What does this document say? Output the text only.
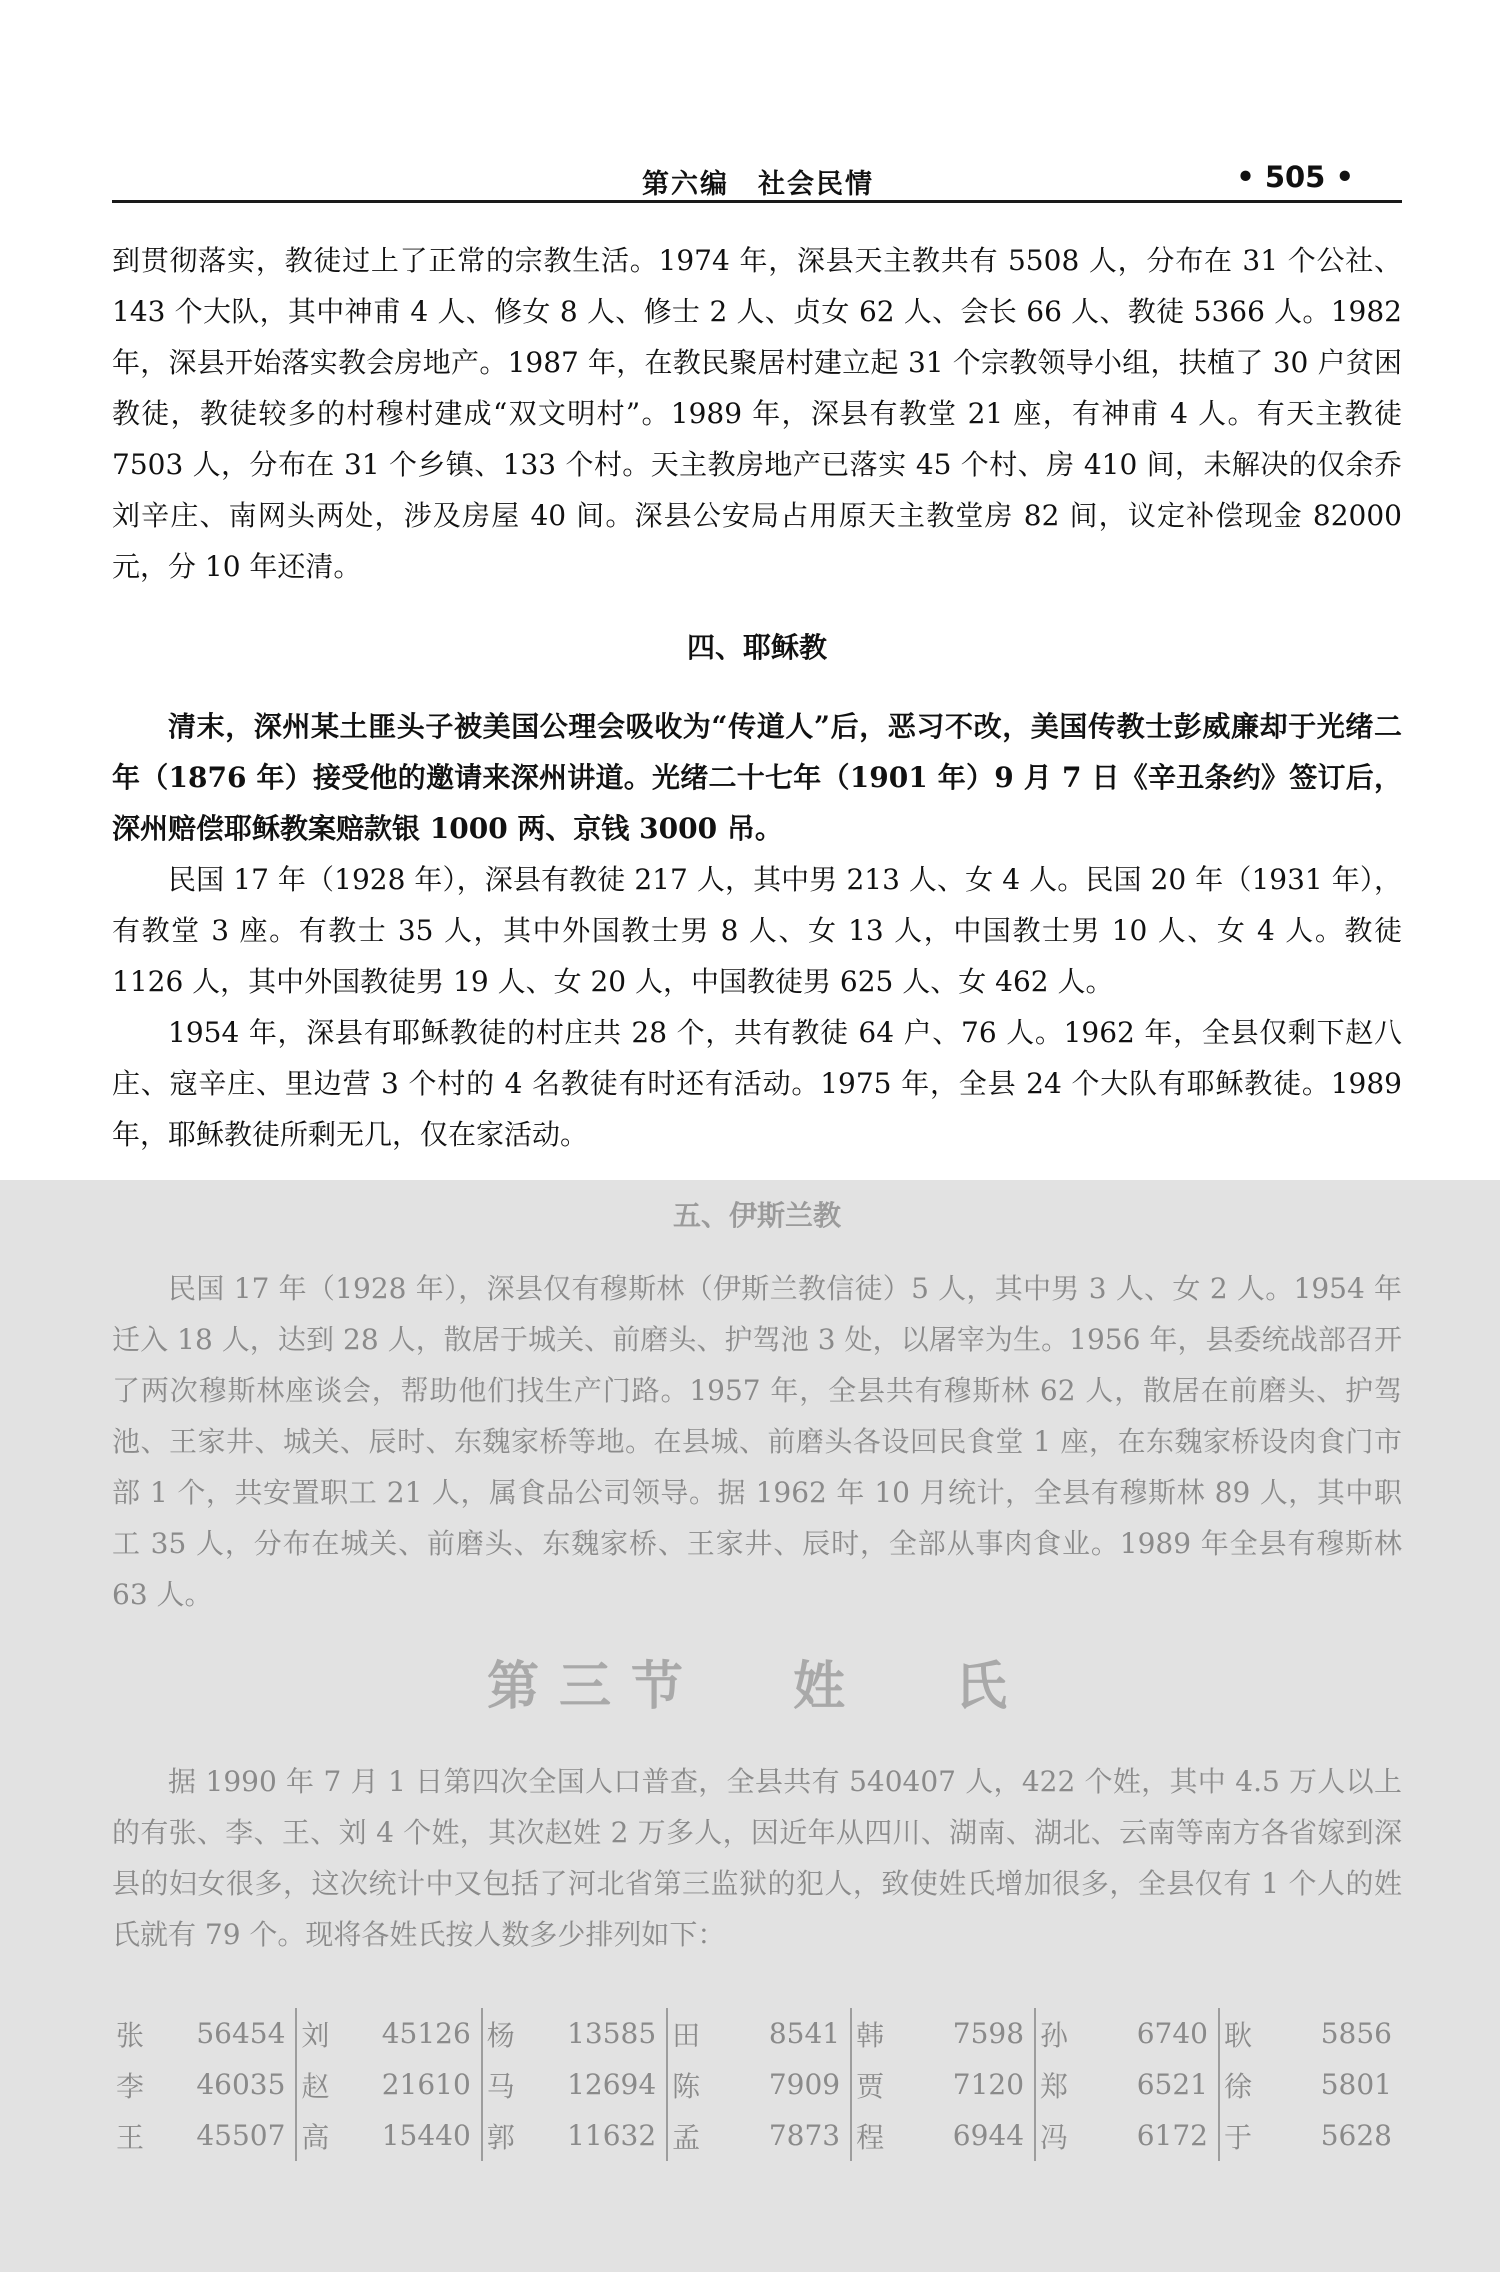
第六编　社会民情	• 505 •

到贯彻落实，教徒过上了正常的宗教生活。1974 年，深县天主教共有 5508 人，分布在 31 个公社、143 个大队，其中神甫 4 人、修女 8 人、修士 2 人、贞女 62 人、会长 66 人、教徒 5366 人。1982 年，深县开始落实教会房地产。1987 年，在教民聚居村建立起 31 个宗教领导小组，扶植了 30 户贫困教徒，教徒较多的村穆村建成“双文明村”。1989 年，深县有教堂 21 座，有神甫 4 人。有天主教徒 7503 人，分布在 31 个乡镇、133 个村。天主教房地产已落实 45 个村、房 410 间，未解决的仅余乔刘辛庄、南网头两处，涉及房屋 40 间。深县公安局占用原天主教堂房 82 间，议定补偿现金 82000 元，分 10 年还清。

四、耶稣教

清末，深州某土匪头子被美国公理会吸收为“传道人”后，恶习不改，美国传教士彭威廉却于光绪二年（1876 年）接受他的邀请来深州讲道。光绪二十七年（1901 年）9 月 7 日《辛丑条约》签订后，深州赔偿耶稣教案赔款银 1000 两、京钱 3000 吊。

民国 17 年（1928 年），深县有教徒 217 人，其中男 213 人、女 4 人。民国 20 年（1931 年），有教堂 3 座。有教士 35 人，其中外国教士男 8 人、女 13 人，中国教士男 10 人、女 4 人。教徒 1126 人，其中外国教徒男 19 人、女 20 人，中国教徒男 625 人、女 462 人。

1954 年，深县有耶稣教徒的村庄共 28 个，共有教徒 64 户、76 人。1962 年，全县仅剩下赵八庄、寇辛庄、里边营 3 个村的 4 名教徒有时还有活动。1975 年，全县 24 个大队有耶稣教徒。1989 年，耶稣教徒所剩无几，仅在家活动。

五、伊斯兰教

民国 17 年（1928 年），深县仅有穆斯林（伊斯兰教信徒）5 人，其中男 3 人、女 2 人。1954 年迁入 18 人，达到 28 人，散居于城关、前磨头、护驾池 3 处，以屠宰为生。1956 年，县委统战部召开了两次穆斯林座谈会，帮助他们找生产门路。1957 年，全县共有穆斯林 62 人，散居在前磨头、护驾池、王家井、城关、辰时、东魏家桥等地。在县城、前磨头各设回民食堂 1 座，在东魏家桥设肉食门市部 1 个，共安置职工 21 人，属食品公司领导。据 1962 年 10 月统计，全县有穆斯林 89 人，其中职工 35 人，分布在城关、前磨头、东魏家桥、王家井、辰时，全部从事肉食业。1989 年全县有穆斯林 63 人。

第三节 姓 氏

据 1990 年 7 月 1 日第四次全国人口普查，全县共有 540407 人，422 个姓，其中 4.5 万人以上的有张、李、王、刘 4 个姓，其次赵姓 2 万多人，因近年从四川、湖南、湖北、云南等南方各省嫁到深县的妇女很多，这次统计中又包括了河北省第三监狱的犯人，致使姓氏增加很多，全县仅有 1 个人的姓氏就有 79 个。现将各姓氏按人数多少排列如下：

张	56454	刘	45126	杨	13585	田	8541	韩	7598	孙	6740	耿	5856
李	46035	赵	21610	马	12694	陈	7909	贾	7120	郑	6521	徐	5801
王	45507	高	15440	郭	11632	孟	7873	程	6944	冯	6172	于	5628
